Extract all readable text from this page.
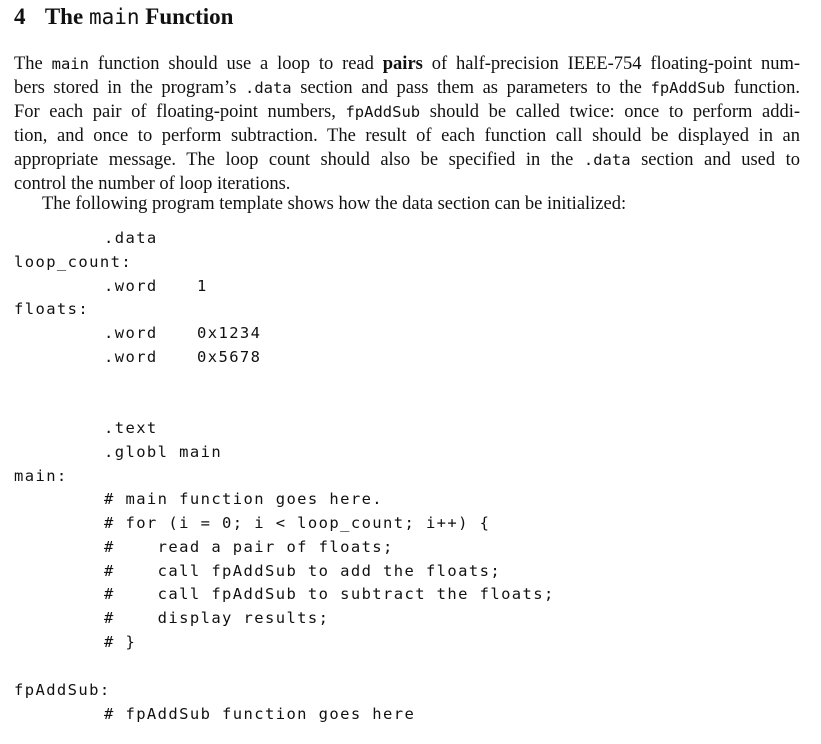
4 The main Function
The main function should use a loop to read pairs of half-precision IEEE-754 floating-point num-
bers stored in the program’s .data section and pass them as parameters to the fpAddSub function.
For each pair of floating-point numbers, fpAddSub should be called twice: once to perform addi-
tion, and once to perform subtraction. The result of each function call should be displayed in an
appropriate message. The loop count should also be specified in the .data section and used to
control the number of loop iterations.
The following program template shows how the data section can be initialized:
.data
loop_count:
.word	1
floats:
.word	0x1234
.word	0x5678
.text
.globl main
main:
# main function goes here.
# for (i = 0; i < loop_count; i++) {
#    read a pair of floats;
#    call fpAddSub to add the floats;
#    call fpAddSub to subtract the floats;
#    display results;
# }
fpAddSub:
# fpAddSub function goes here
